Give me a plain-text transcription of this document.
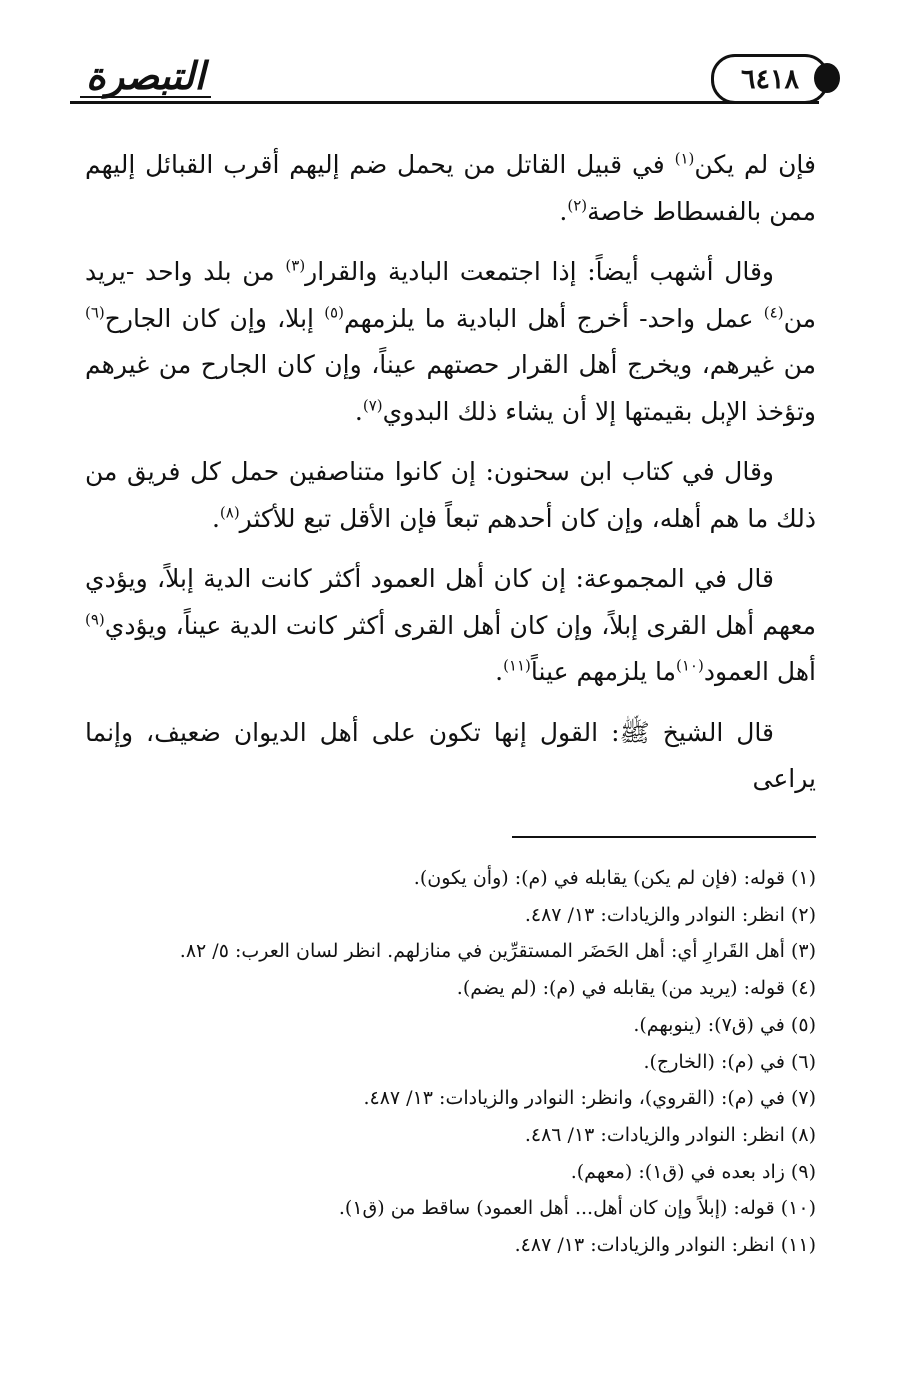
٦٤١٨
التبصرة

فإن لم يكن$^{(١)}$ في قبيل القاتل من يحمل ضم إليهم أقرب القبائل إليهم ممن بالفسطاط خاصة$^{(٢)}$.

وقال أشهب أيضاً: إذا اجتمعت البادية والقرار$^{(٣)}$ من بلد واحد -يريد من$^{(٤)}$ عمل واحد- أخرج أهل البادية ما يلزمهم$^{(٥)}$ إبلا، وإن كان الجارح$^{(٦)}$ من غيرهم، ويخرج أهل القرار حصتهم عيناً، وإن كان الجارح من غيرهم وتؤخذ الإبل بقيمتها إلا أن يشاء ذلك البدوي$^{(٧)}$.

وقال في كتاب ابن سحنون: إن كانوا متناصفين حمل كل فريق من ذلك ما هم أهله، وإن كان أحدهم تبعاً فإن الأقل تبع للأكثر$^{(٨)}$.

قال في المجموعة: إن كان أهل العمود أكثر كانت الدية إبلاً، ويؤدي معهم أهل القرى إبلاً، وإن كان أهل القرى أكثر كانت الدية عيناً، ويؤدي$^{(٩)}$ أهل العمود$^{(١٠)}$ما يلزمهم عيناً$^{(١١)}$.

قال الشيخ ﷺ: القول إنها تكون على أهل الديوان ضعيف، وإنما يراعى

(١) قوله: (فإن لم يكن) يقابله في (م): (وأن يكون).

(٢) انظر: النوادر والزيادات: ١٣/ ٤٨٧.

(٣) أهل القَرارِ أي: أهل الحَضَر المستقرِّين في منازلهم. انظر لسان العرب: ٥/ ٨٢.

(٤) قوله: (يريد من) يقابله في (م): (لم يضم).

(٥) في (ق٧): (ينوبهم).

(٦) في (م): (الخارج).

(٧) في (م): (القروي)، وانظر: النوادر والزيادات: ١٣/ ٤٨٧.

(٨) انظر: النوادر والزيادات: ١٣/ ٤٨٦.

(٩) زاد بعده في (ق١): (معهم).

(١٠) قوله: (إبلاً وإن كان أهل... أهل العمود) ساقط من (ق١).

(١١) انظر: النوادر والزيادات: ١٣/ ٤٨٧.
